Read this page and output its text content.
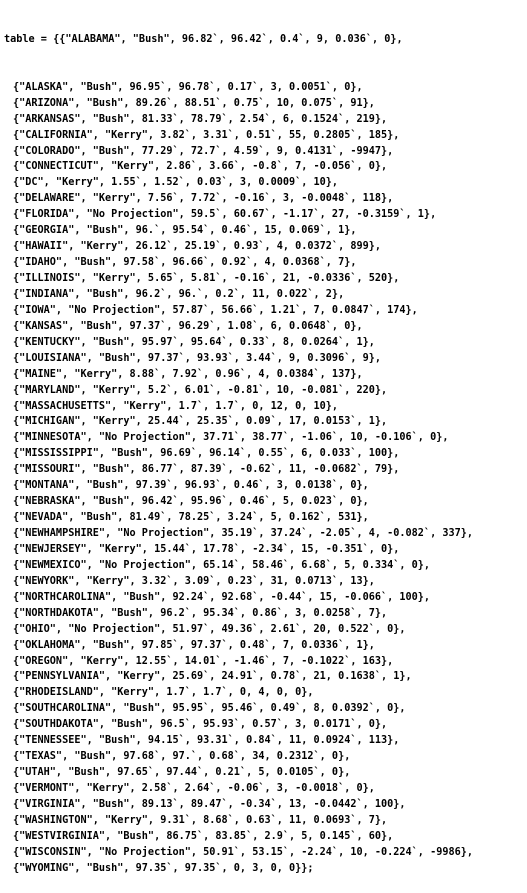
table = {{"ALABAMA", "Bush", 96.82`, 96.42`, 0.4`, 9, 0.036`, 0},

{"ALASKA", "Bush", 96.95`, 96.78`, 0.17`, 3, 0.0051`, 0},
{"ARIZONA", "Bush", 89.26`, 88.51`, 0.75`, 10, 0.075`, 91},
{"ARKANSAS", "Bush", 81.33`, 78.79`, 2.54`, 6, 0.1524`, 219},
{"CALIFORNIA", "Kerry", 3.82`, 3.31`, 0.51`, 55, 0.2805`, 185},
{"COLORADO", "Bush", 77.29`, 72.7`, 4.59`, 9, 0.4131`, -9947},
{"CONNECTICUT", "Kerry", 2.86`, 3.66`, -0.8`, 7, -0.056`, 0},
{"DC", "Kerry", 1.55`, 1.52`, 0.03`, 3, 0.0009`, 10},
{"DELAWARE", "Kerry", 7.56`, 7.72`, -0.16`, 3, -0.0048`, 118},
{"FLORIDA", "No Projection", 59.5`, 60.67`, -1.17`, 27, -0.3159`, 1},
{"GEORGIA", "Bush", 96.`, 95.54`, 0.46`, 15, 0.069`, 1},
{"HAWAII", "Kerry", 26.12`, 25.19`, 0.93`, 4, 0.0372`, 899},
{"IDAHO", "Bush", 97.58`, 96.66`, 0.92`, 4, 0.0368`, 7},
{"ILLINOIS", "Kerry", 5.65`, 5.81`, -0.16`, 21, -0.0336`, 520},
{"INDIANA", "Bush", 96.2`, 96.`, 0.2`, 11, 0.022`, 2},
{"IOWA", "No Projection", 57.87`, 56.66`, 1.21`, 7, 0.0847`, 174},
{"KANSAS", "Bush", 97.37`, 96.29`, 1.08`, 6, 0.0648`, 0},
{"KENTUCKY", "Bush", 95.97`, 95.64`, 0.33`, 8, 0.0264`, 1},
{"LOUISIANA", "Bush", 97.37`, 93.93`, 3.44`, 9, 0.3096`, 9},
{"MAINE", "Kerry", 8.88`, 7.92`, 0.96`, 4, 0.0384`, 137},
{"MARYLAND", "Kerry", 5.2`, 6.01`, -0.81`, 10, -0.081`, 220},
{"MASSACHUSETTS", "Kerry", 1.7`, 1.7`, 0, 12, 0, 10},
{"MICHIGAN", "Kerry", 25.44`, 25.35`, 0.09`, 17, 0.0153`, 1},
{"MINNESOTA", "No Projection", 37.71`, 38.77`, -1.06`, 10, -0.106`, 0},
{"MISSISSIPPI", "Bush", 96.69`, 96.14`, 0.55`, 6, 0.033`, 100},
{"MISSOURI", "Bush", 86.77`, 87.39`, -0.62`, 11, -0.0682`, 79},
{"MONTANA", "Bush", 97.39`, 96.93`, 0.46`, 3, 0.0138`, 0},
{"NEBRASKA", "Bush", 96.42`, 95.96`, 0.46`, 5, 0.023`, 0},
{"NEVADA", "Bush", 81.49`, 78.25`, 3.24`, 5, 0.162`, 531},
{"NEWHAMPSHIRE", "No Projection", 35.19`, 37.24`, -2.05`, 4, -0.082`, 337},
{"NEWJERSEY", "Kerry", 15.44`, 17.78`, -2.34`, 15, -0.351`, 0},
{"NEWMEXICO", "No Projection", 65.14`, 58.46`, 6.68`, 5, 0.334`, 0},
{"NEWYORK", "Kerry", 3.32`, 3.09`, 0.23`, 31, 0.0713`, 13},
{"NORTHCAROLINA", "Bush", 92.24`, 92.68`, -0.44`, 15, -0.066`, 100},
{"NORTHDAKOTA", "Bush", 96.2`, 95.34`, 0.86`, 3, 0.0258`, 7},
{"OHIO", "No Projection", 51.97`, 49.36`, 2.61`, 20, 0.522`, 0},
{"OKLAHOMA", "Bush", 97.85`, 97.37`, 0.48`, 7, 0.0336`, 1},
{"OREGON", "Kerry", 12.55`, 14.01`, -1.46`, 7, -0.1022`, 163},
{"PENNSYLVANIA", "Kerry", 25.69`, 24.91`, 0.78`, 21, 0.1638`, 1},
{"RHODEISLAND", "Kerry", 1.7`, 1.7`, 0, 4, 0, 0},
{"SOUTHCAROLINA", "Bush", 95.95`, 95.46`, 0.49`, 8, 0.0392`, 0},
{"SOUTHDAKOTA", "Bush", 96.5`, 95.93`, 0.57`, 3, 0.0171`, 0},
{"TENNESSEE", "Bush", 94.15`, 93.31`, 0.84`, 11, 0.0924`, 113},
{"TEXAS", "Bush", 97.68`, 97.`, 0.68`, 34, 0.2312`, 0},
{"UTAH", "Bush", 97.65`, 97.44`, 0.21`, 5, 0.0105`, 0},
{"VERMONT", "Kerry", 2.58`, 2.64`, -0.06`, 3, -0.0018`, 0},
{"VIRGINIA", "Bush", 89.13`, 89.47`, -0.34`, 13, -0.0442`, 100},
{"WASHINGTON", "Kerry", 9.31`, 8.68`, 0.63`, 11, 0.0693`, 7},
{"WESTVIRGINIA", "Bush", 86.75`, 83.85`, 2.9`, 5, 0.145`, 60},
{"WISCONSIN", "No Projection", 50.91`, 53.15`, -2.24`, 10, -0.224`, -9986},
{"WYOMING", "Bush", 97.35`, 97.35`, 0, 3, 0, 0}};
